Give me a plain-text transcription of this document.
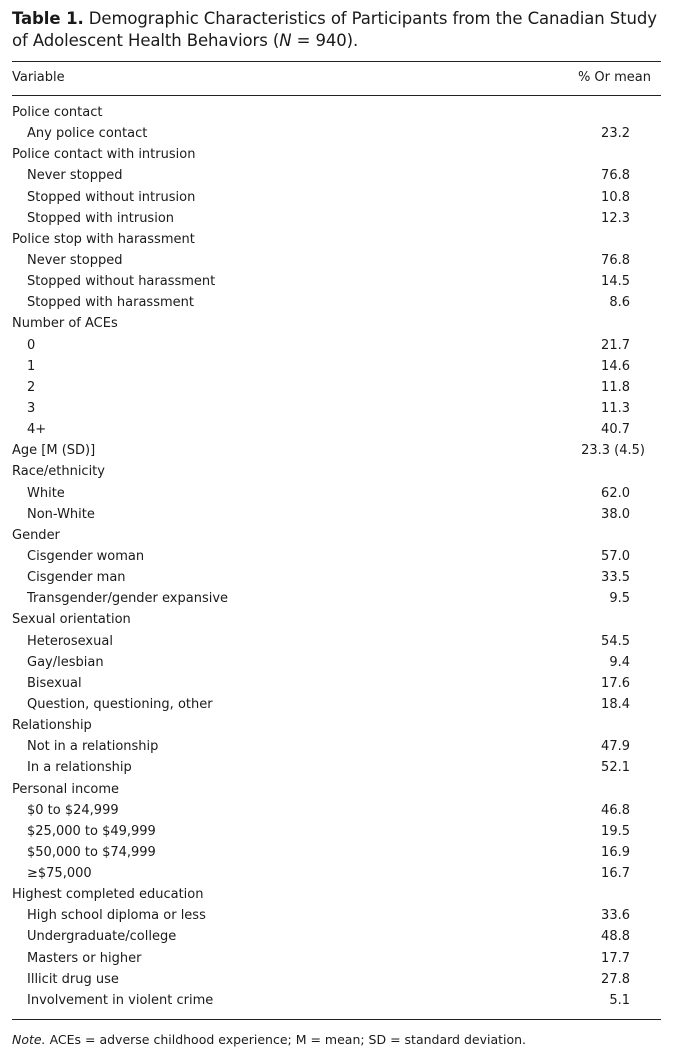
Table 1. Demographic Characteristics of Participants from the Canadian Study of Adolescent Health Behaviors (N = 940).
Variable	% Or mean
Police contact
Any police contact	23.2
Police contact with intrusion
Never stopped	76.8
Stopped without intrusion	10.8
Stopped with intrusion	12.3
Police stop with harassment
Never stopped	76.8
Stopped without harassment	14.5
Stopped with harassment	8.6
Number of ACEs
0	21.7
1	14.6
2	11.8
3	11.3
4+	40.7
Age [M (SD)]	23.3 (4.5)
Race/ethnicity
White	62.0
Non-White	38.0
Gender
Cisgender woman	57.0
Cisgender man	33.5
Transgender/gender expansive	9.5
Sexual orientation
Heterosexual	54.5
Gay/lesbian	9.4
Bisexual	17.6
Question, questioning, other	18.4
Relationship
Not in a relationship	47.9
In a relationship	52.1
Personal income
$0 to $24,999	46.8
$25,000 to $49,999	19.5
$50,000 to $74,999	16.9
≥$75,000	16.7
Highest completed education
High school diploma or less	33.6
Undergraduate/college	48.8
Masters or higher	17.7
Illicit drug use	27.8
Involvement in violent crime	5.1
Note. ACEs = adverse childhood experience; M = mean; SD = standard deviation.
